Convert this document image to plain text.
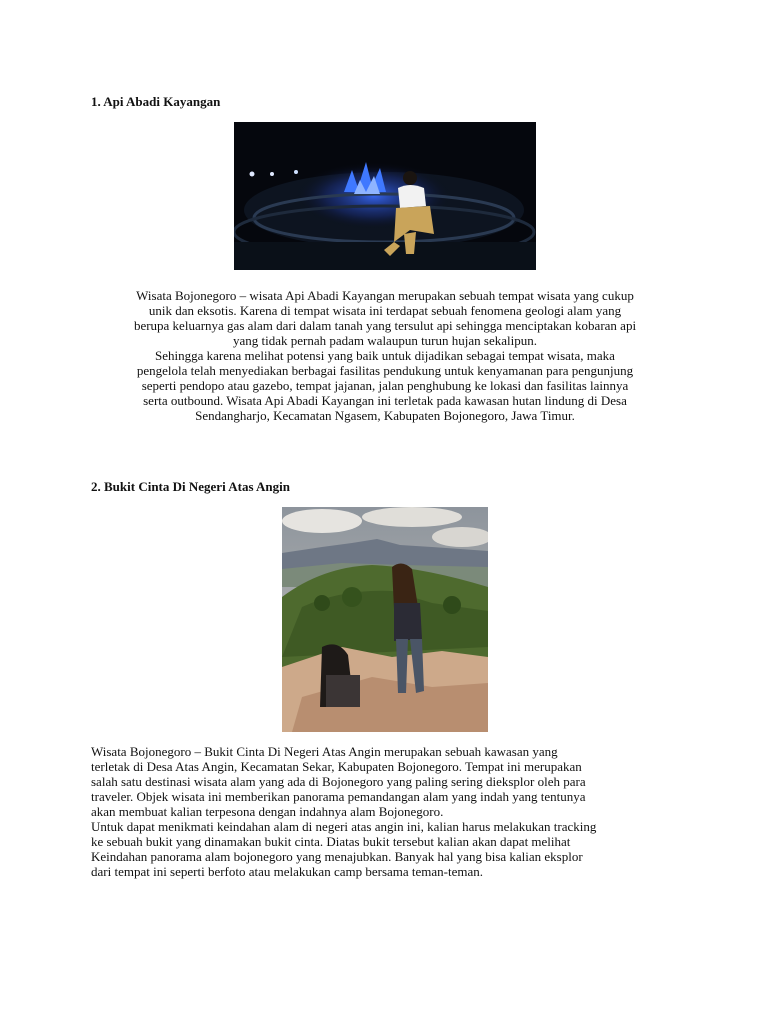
1. Api Abadi Kayangan

Wisata Bojonegoro – wisata Api Abadi Kayangan merupakan sebuah tempat wisata yang cukup
unik dan eksotis. Karena di tempat wisata ini terdapat sebuah fenomena geologi alam yang
berupa keluarnya gas alam dari dalam tanah yang tersulut api sehingga menciptakan kobaran api
yang tidak pernah padam walaupun turun hujan sekalipun.
Sehingga karena melihat potensi yang baik untuk dijadikan sebagai tempat wisata, maka
pengelola telah menyediakan berbagai fasilitas pendukung untuk kenyamanan para pengunjung
seperti pendopo atau gazebo, tempat jajanan, jalan penghubung ke lokasi dan fasilitas lainnya
serta outbound. Wisata Api Abadi Kayangan ini terletak pada kawasan hutan lindung di Desa
Sendangharjo, Kecamatan Ngasem, Kabupaten Bojonegoro, Jawa Timur.

2. Bukit Cinta Di Negeri Atas Angin

Wisata Bojonegoro – Bukit Cinta Di Negeri Atas Angin merupakan sebuah kawasan yang
terletak di Desa Atas Angin, Kecamatan Sekar, Kabupaten Bojonegoro. Tempat ini merupakan
salah satu destinasi wisata alam yang ada di Bojonegoro yang paling sering dieksplor oleh para
traveler. Objek wisata ini memberikan panorama pemandangan alam yang indah yang tentunya
akan membuat kalian terpesona dengan indahnya alam Bojonegoro.
Untuk dapat menikmati keindahan alam di negeri atas angin ini, kalian harus melakukan tracking
ke sebuah bukit yang dinamakan bukit cinta. Diatas bukit tersebut kalian akan dapat melihat
Keindahan panorama alam bojonegoro yang menajubkan. Banyak hal yang bisa kalian eksplor
dari tempat ini seperti berfoto atau melakukan camp bersama teman-teman.
